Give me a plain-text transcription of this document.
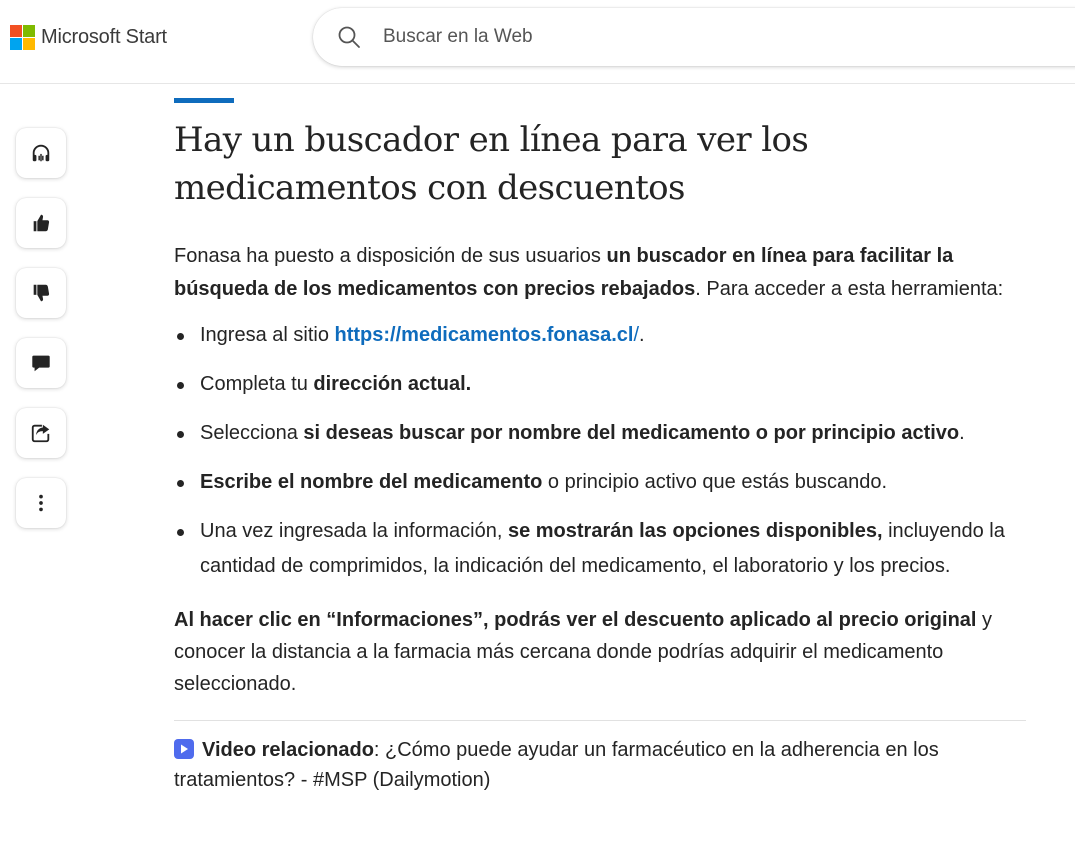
Microsoft Start
Buscar en la Web
Hay un buscador en línea para ver los medicamentos con descuentos

Fonasa ha puesto a disposición de sus usuarios un buscador en línea para facilitar la búsqueda de los medicamentos con precios rebajados. Para acceder a esta herramienta:

Ingresa al sitio https://medicamentos.fonasa.cl/.
Completa tu dirección actual.
Selecciona si deseas buscar por nombre del medicamento o por principio activo.
Escribe el nombre del medicamento o principio activo que estás buscando.
Una vez ingresada la información, se mostrarán las opciones disponibles, incluyendo la cantidad de comprimidos, la indicación del medicamento, el laboratorio y los precios.

Al hacer clic en “Informaciones”, podrás ver el descuento aplicado al precio original y conocer la distancia a la farmacia más cercana donde podrías adquirir el medicamento seleccionado.

Video relacionado: ¿Cómo puede ayudar un farmacéutico en la adherencia en los tratamientos? - #MSP (Dailymotion)
